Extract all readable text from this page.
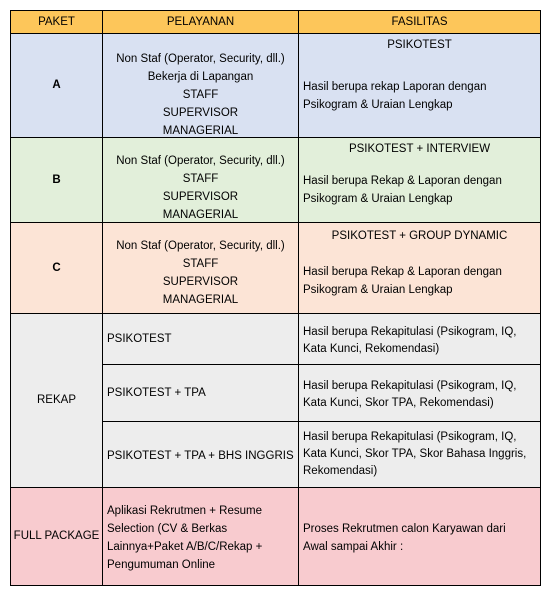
PAKET	PELAYANAN	FASILITAS
A
Non Staf (Operator, Security, dll.)
Bekerja di Lapangan
STAFF
SUPERVISOR
MANAGERIAL
PSIKOTEST
Hasil berupa rekap Laporan dengan
Psikogram & Uraian Lengkap
B
Non Staf (Operator, Security, dll.)
STAFF
SUPERVISOR
MANAGERIAL
PSIKOTEST + INTERVIEW
Hasil berupa Rekap & Laporan dengan
Psikogram & Uraian Lengkap
C
Non Staf (Operator, Security, dll.)
STAFF
SUPERVISOR
MANAGERIAL
PSIKOTEST + GROUP DYNAMIC
Hasil berupa Rekap & Laporan dengan
Psikogram & Uraian Lengkap
REKAP
PSIKOTEST
PSIKOTEST + TPA
PSIKOTEST + TPA + BHS INGGRIS
Hasil berupa Rekapitulasi (Psikogram, IQ,
Kata Kunci, Rekomendasi)
Hasil berupa Rekapitulasi (Psikogram, IQ,
Kata Kunci, Skor TPA, Rekomendasi)
Hasil berupa Rekapitulasi (Psikogram, IQ,
Kata Kunci, Skor TPA, Skor Bahasa Inggris,
Rekomendasi)
FULL PACKAGE
Aplikasi Rekrutmen + Resume
Selection (CV & Berkas
Lainnya+Paket A/B/C/Rekap +
Pengumuman Online
Proses Rekrutmen calon Karyawan dari
Awal sampai Akhir :
